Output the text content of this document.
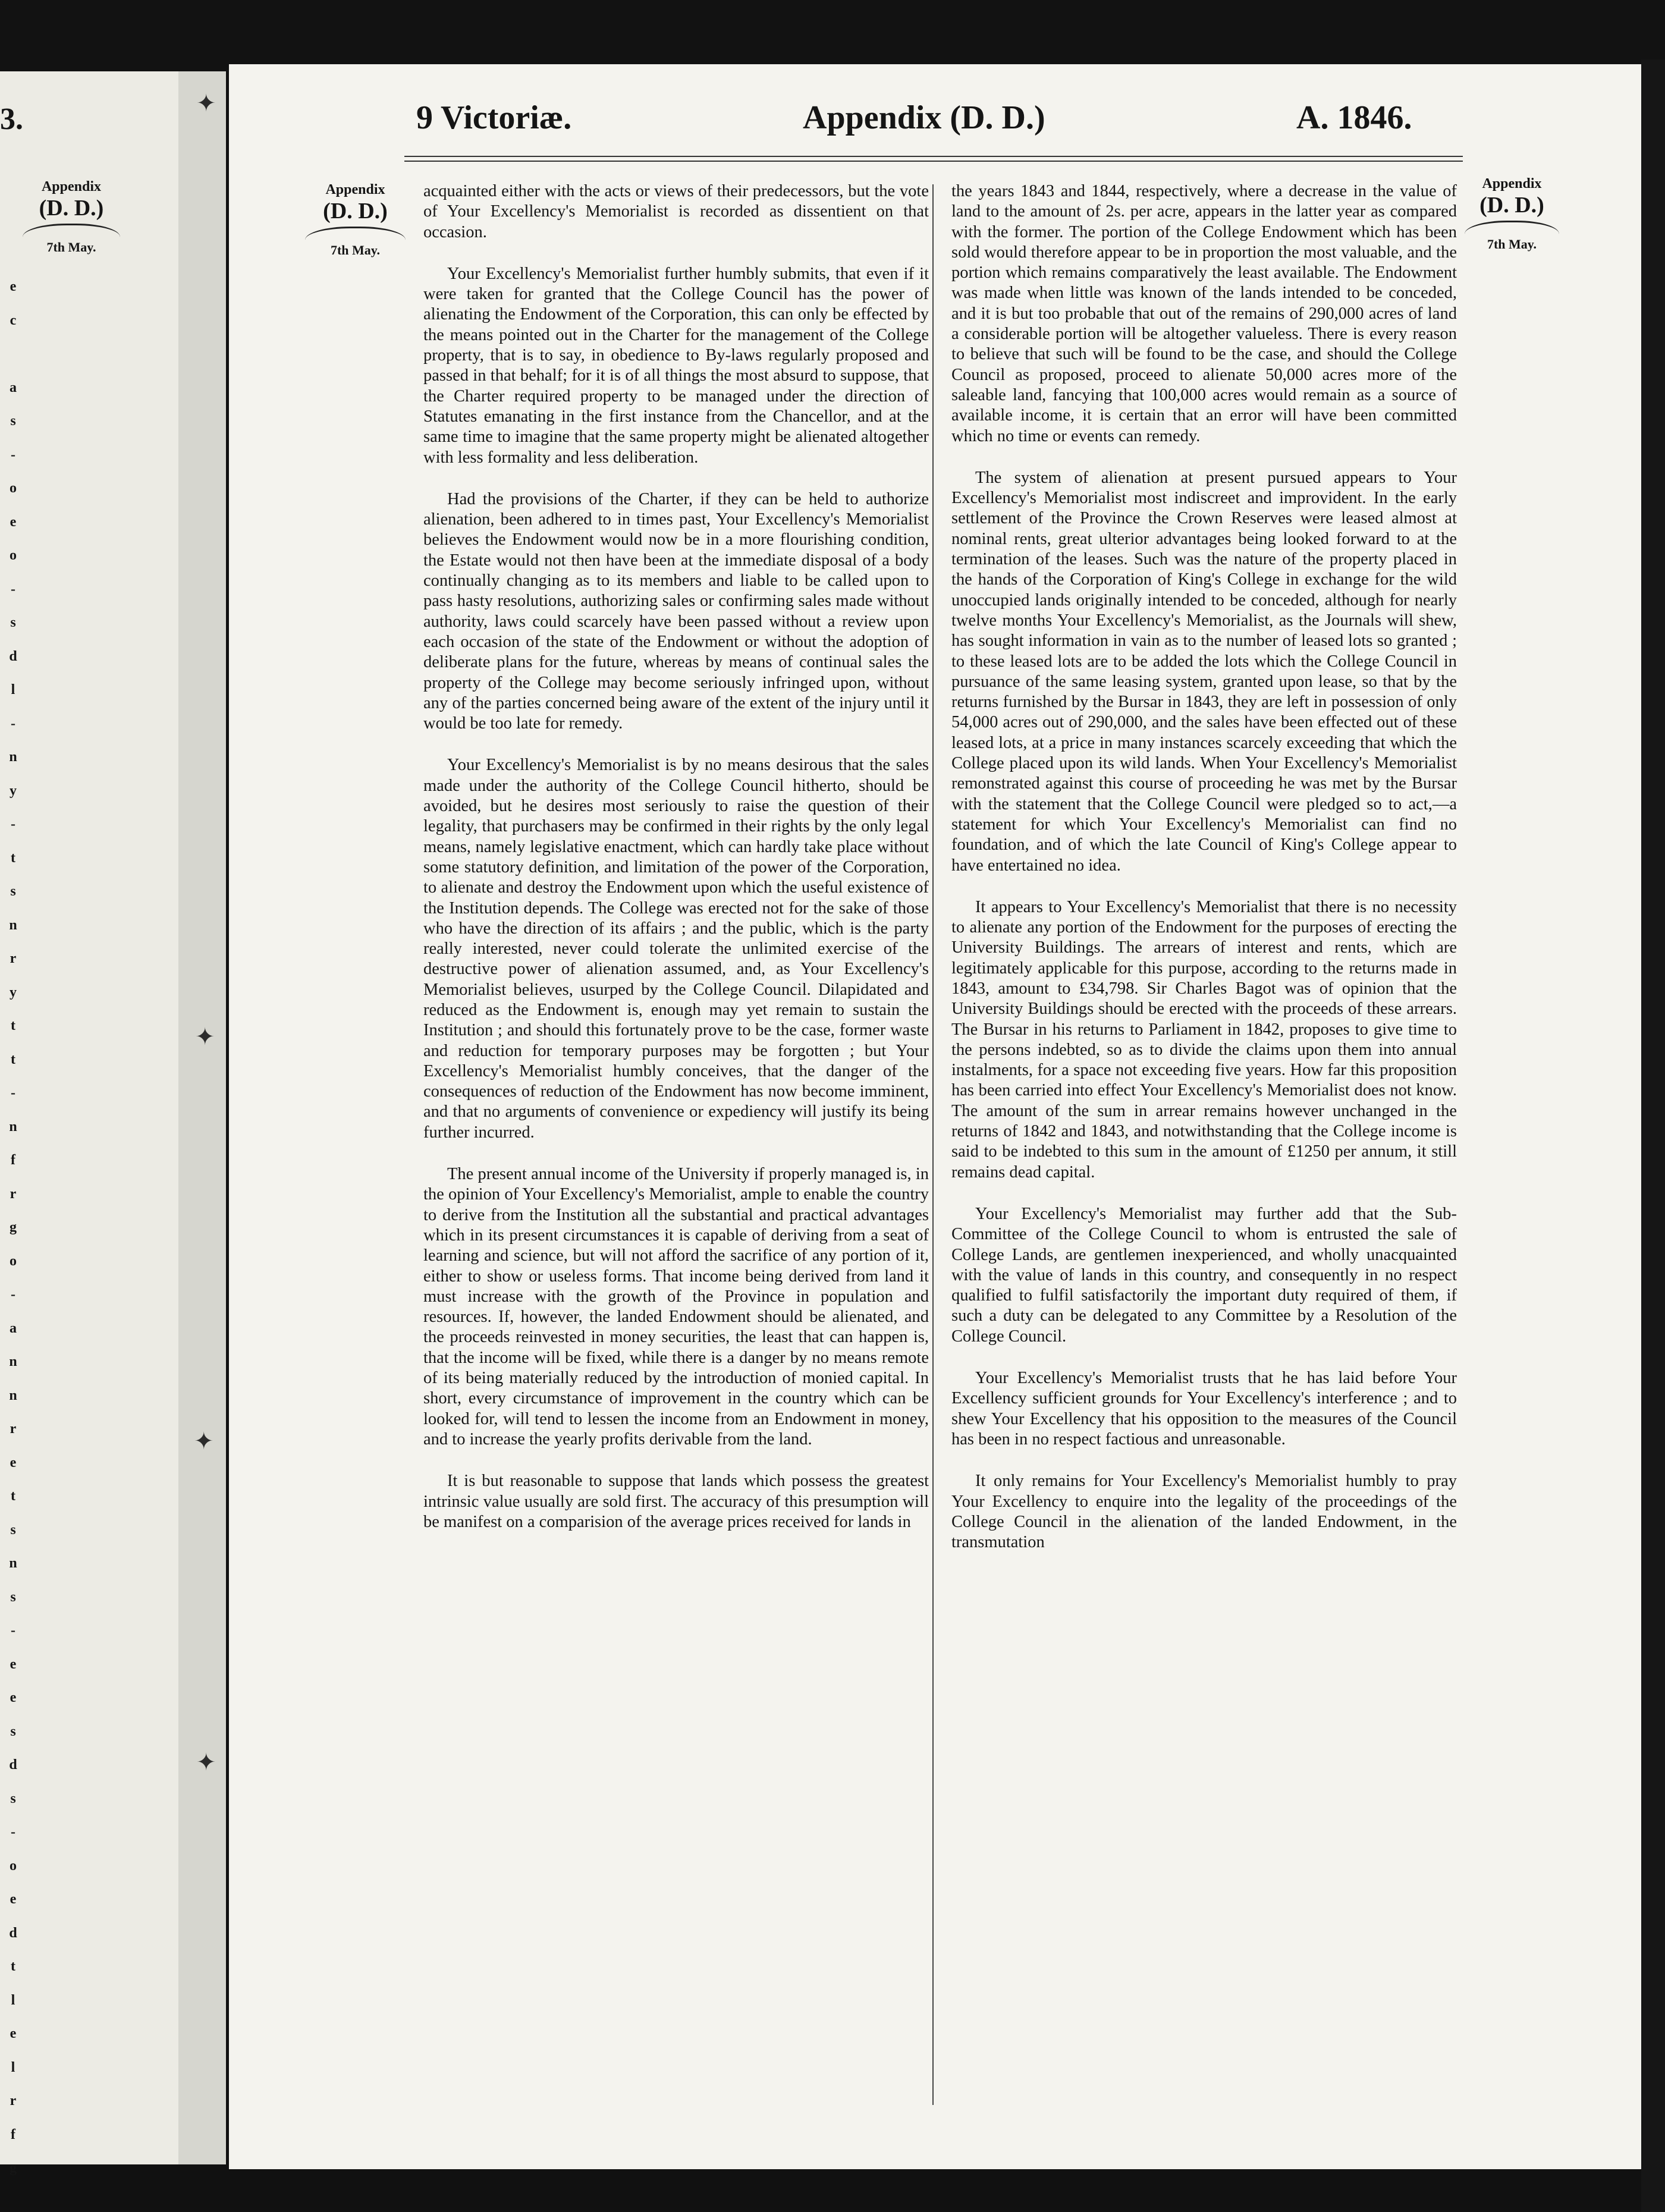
✦
✦
✦
✦
3.
e
c
a
s
-
o
e
o
-
s
d
l
-
n
y
-
t
s
n
r
y
t
t
-
n
f
r
g
o
-
a
n
n
r
e
t
s
n
s
-
e
e
s
d
s
-
o
e
d
t
l
e
l
r
f
g
Appendix
(D. D.)
7th May.
9 Victoriæ.	Appendix (D. D.)	A. 1846.
Appendix
(D. D.)
7th May.
Appendix
(D. D.)
7th May.

acquainted either with the acts or views of their predecessors, but the vote of Your Excellency's Memorialist is recorded as dissentient on that occasion.

Your Excellency's Memorialist further humbly submits, that even if it were taken for granted that the College Council has the power of alienating the Endowment of the Corporation, this can only be effected by the means pointed out in the Charter for the management of the College property, that is to say, in obedience to By-laws regularly proposed and passed in that behalf; for it is of all things the most absurd to suppose, that the Charter required property to be managed under the direction of Statutes emanating in the first instance from the Chancellor, and at the same time to imagine that the same property might be alienated altogether with less formality and less deliberation.

Had the provisions of the Charter, if they can be held to authorize alienation, been adhered to in times past, Your Excellency's Memorialist believes the Endowment would now be in a more flourishing condition, the Estate would not then have been at the immediate disposal of a body continually changing as to its members and liable to be called upon to pass hasty resolutions, authorizing sales or confirming sales made without authority, laws could scarcely have been passed without a review upon each occasion of the state of the Endowment or without the adoption of deliberate plans for the future, whereas by means of continual sales the property of the College may become seriously infringed upon, without any of the parties concerned being aware of the extent of the injury until it would be too late for remedy.

Your Excellency's Memorialist is by no means desirous that the sales made under the authority of the College Council hitherto, should be avoided, but he desires most seriously to raise the question of their legality, that purchasers may be confirmed in their rights by the only legal means, namely legislative enactment, which can hardly take place without some statutory definition, and limitation of the power of the Corporation, to alienate and destroy the Endowment upon which the useful existence of the Institution depends. The College was erected not for the sake of those who have the direction of its affairs ; and the public, which is the party really interested, never could tolerate the unlimited exercise of the destructive power of alienation assumed, and, as Your Excellency's Memorialist believes, usurped by the College Council. Dilapidated and reduced as the Endowment is, enough may yet remain to sustain the Institution ; and should this fortunately prove to be the case, former waste and reduction for temporary purposes may be forgotten ; but Your Excellency's Memorialist humbly conceives, that the danger of the consequences of reduction of the Endowment has now become imminent, and that no arguments of convenience or expediency will justify its being further incurred.

The present annual income of the University if properly managed is, in the opinion of Your Excellency's Memorialist, ample to enable the country to derive from the Institution all the substantial and practical advantages which in its present circumstances it is capable of deriving from a seat of learning and science, but will not afford the sacrifice of any portion of it, either to show or useless forms. That income being derived from land it must increase with the growth of the Province in population and resources. If, however, the landed Endowment should be alienated, and the proceeds reinvested in money securities, the least that can happen is, that the income will be fixed, while there is a danger by no means remote of its being materially reduced by the introduction of monied capital. In short, every circumstance of improvement in the country which can be looked for, will tend to lessen the income from an Endowment in money, and to increase the yearly profits derivable from the land.

It is but reasonable to suppose that lands which possess the greatest intrinsic value usually are sold first. The accuracy of this presumption will be manifest on a comparision of the average prices received for lands in

the years 1843 and 1844, respectively, where a decrease in the value of land to the amount of 2s. per acre, appears in the latter year as compared with the former. The portion of the College Endowment which has been sold would therefore appear to be in proportion the most valuable, and the portion which remains comparatively the least available. The Endowment was made when little was known of the lands intended to be conceded, and it is but too probable that out of the remains of 290,000 acres of land a considerable portion will be altogether valueless. There is every reason to believe that such will be found to be the case, and should the College Council as proposed, proceed to alienate 50,000 acres more of the saleable land, fancying that 100,000 acres would remain as a source of available income, it is certain that an error will have been committed which no time or events can remedy.

The system of alienation at present pursued appears to Your Excellency's Memorialist most indiscreet and improvident. In the early settlement of the Province the Crown Reserves were leased almost at nominal rents, great ulterior advantages being looked forward to at the termination of the leases. Such was the nature of the property placed in the hands of the Corporation of King's College in exchange for the wild unoccupied lands originally intended to be conceded, although for nearly twelve months Your Excellency's Memorialist, as the Journals will shew, has sought information in vain as to the number of leased lots so granted ; to these leased lots are to be added the lots which the College Council in pursuance of the same leasing system, granted upon lease, so that by the returns furnished by the Bursar in 1843, they are left in possession of only 54,000 acres out of 290,000, and the sales have been effected out of these leased lots, at a price in many instances scarcely exceeding that which the College placed upon its wild lands. When Your Excellency's Memorialist remonstrated against this course of proceeding he was met by the Bursar with the statement that the College Council were pledged so to act,—a statement for which Your Excellency's Memorialist can find no foundation, and of which the late Council of King's College appear to have entertained no idea.

It appears to Your Excellency's Memorialist that there is no necessity to alienate any portion of the Endowment for the purposes of erecting the University Buildings. The arrears of interest and rents, which are legitimately applicable for this purpose, according to the returns made in 1843, amount to £34,798. Sir Charles Bagot was of opinion that the University Buildings should be erected with the proceeds of these arrears. The Bursar in his returns to Parliament in 1842, proposes to give time to the persons indebted, so as to divide the claims upon them into annual instalments, for a space not exceeding five years. How far this proposition has been carried into effect Your Excellency's Memorialist does not know. The amount of the sum in arrear remains however unchanged in the returns of 1842 and 1843, and notwithstanding that the College income is said to be indebted to this sum in the amount of £1250 per annum, it still remains dead capital.

Your Excellency's Memorialist may further add that the Sub-Committee of the College Council to whom is entrusted the sale of College Lands, are gentlemen inexperienced, and wholly unacquainted with the value of lands in this country, and consequently in no respect qualified to fulfil satisfactorily the important duty required of them, if such a duty can be delegated to any Committee by a Resolution of the College Council.

Your Excellency's Memorialist trusts that he has laid before Your Excellency sufficient grounds for Your Excellency's interference ; and to shew Your Excellency that his opposition to the measures of the Council has been in no respect factious and unreasonable.

It only remains for Your Excellency's Memorialist humbly to pray Your Excellency to enquire into the legality of the proceedings of the College Council in the alienation of the landed Endowment, in the transmutation
